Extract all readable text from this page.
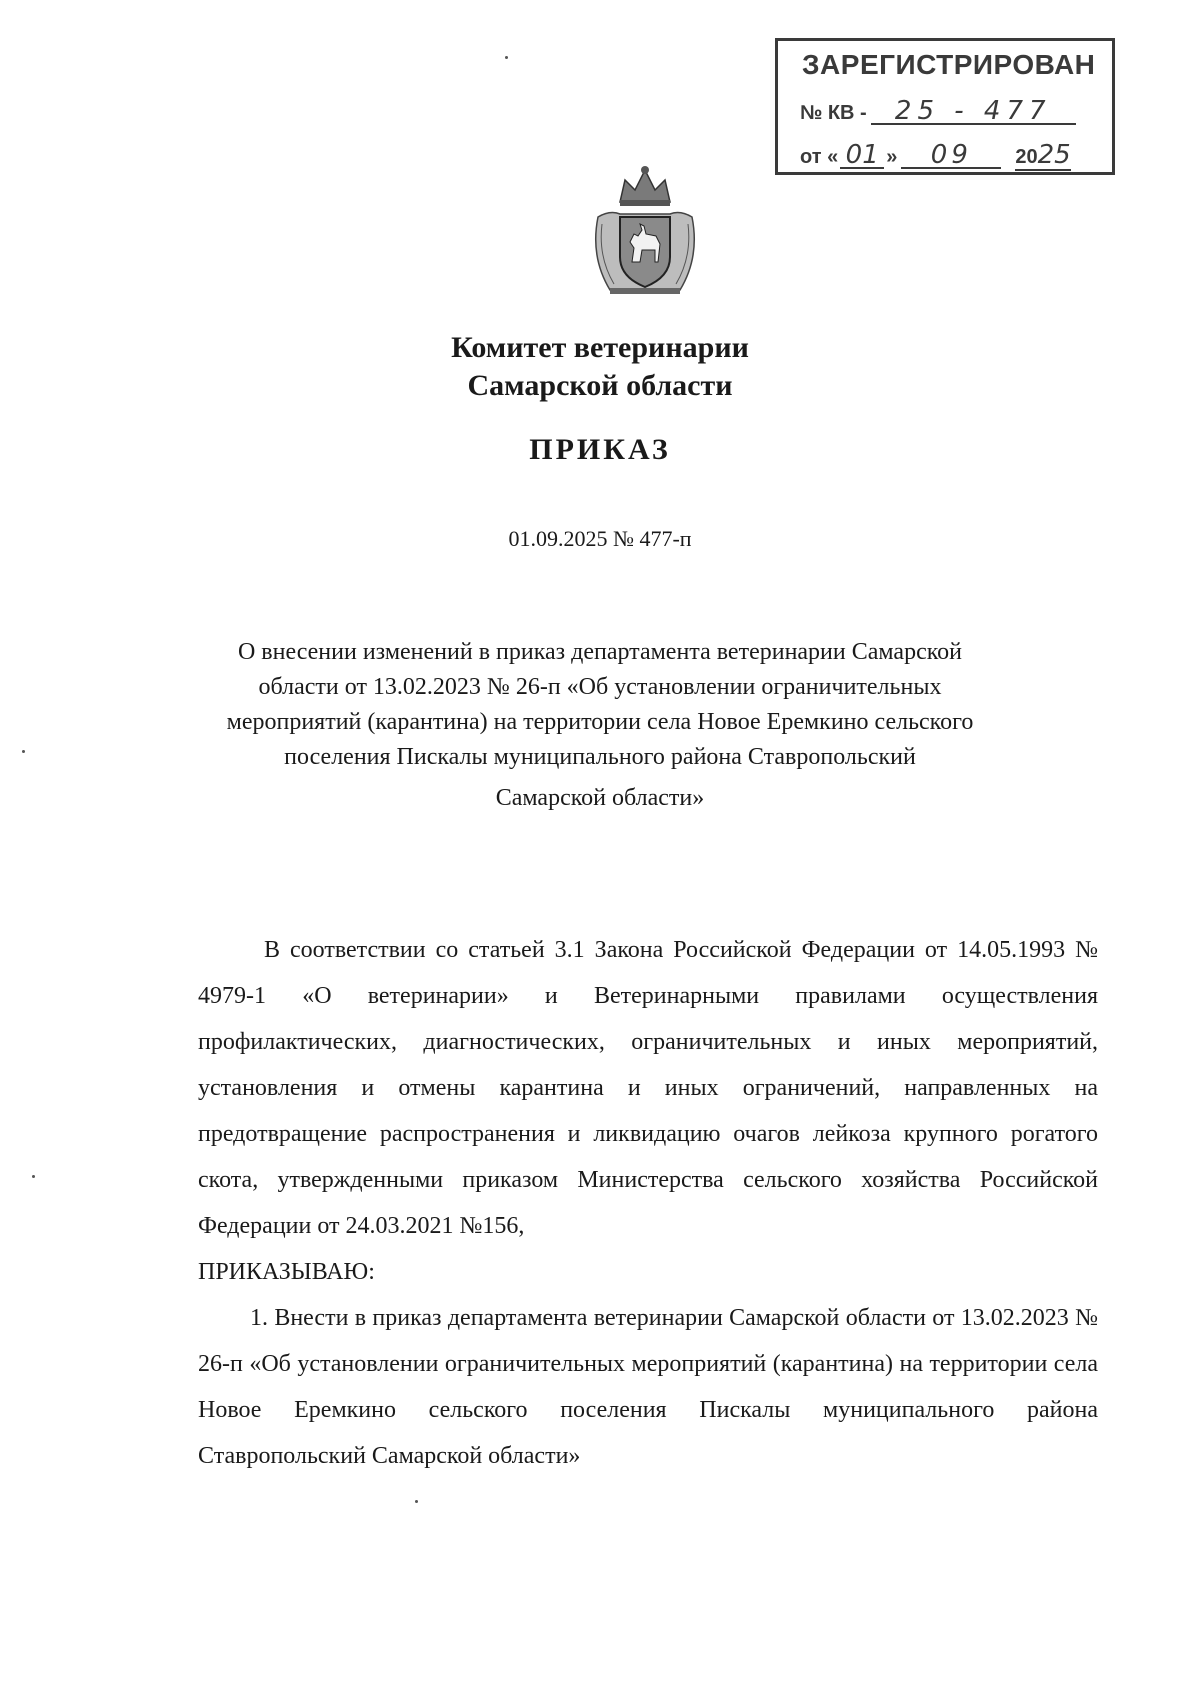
ЗАРЕГИСТРИРОВАН
№ КВ - 25 - 477
от « 01 » 09 2025
Комитет ветеринарии
Самарской области
ПРИКАЗ
01.09.2025 № 477-п
О внесении изменений в приказ департамента ветеринарии Самарской области от 13.02.2023 № 26-п «Об установлении ограничительных мероприятий (карантина) на территории села Новое Еремкино сельского поселения Пискалы муниципального района Ставропольский
Самарской области»

В соответствии со статьей 3.1 Закона Российской Федерации от 14.05.1993 № 4979-1 «О ветеринарии» и Ветеринарными правилами осуществления профилактических, диагностических, ограничительных и иных мероприятий, установления и отмены карантина и иных ограничений, направленных на предотвращение распространения и ликвидацию очагов лейкоза крупного рогатого скота, утвержденными приказом Министерства сельского хозяйства Российской Федерации от 24.03.2021 №156,

ПРИКАЗЫВАЮ:

1. Внести в приказ департамента ветеринарии Самарской области от 13.02.2023 № 26-п «Об установлении ограничительных мероприятий (карантина) на территории села Новое Еремкино сельского поселения Пискалы муниципального района Ставропольский Самарской области»
